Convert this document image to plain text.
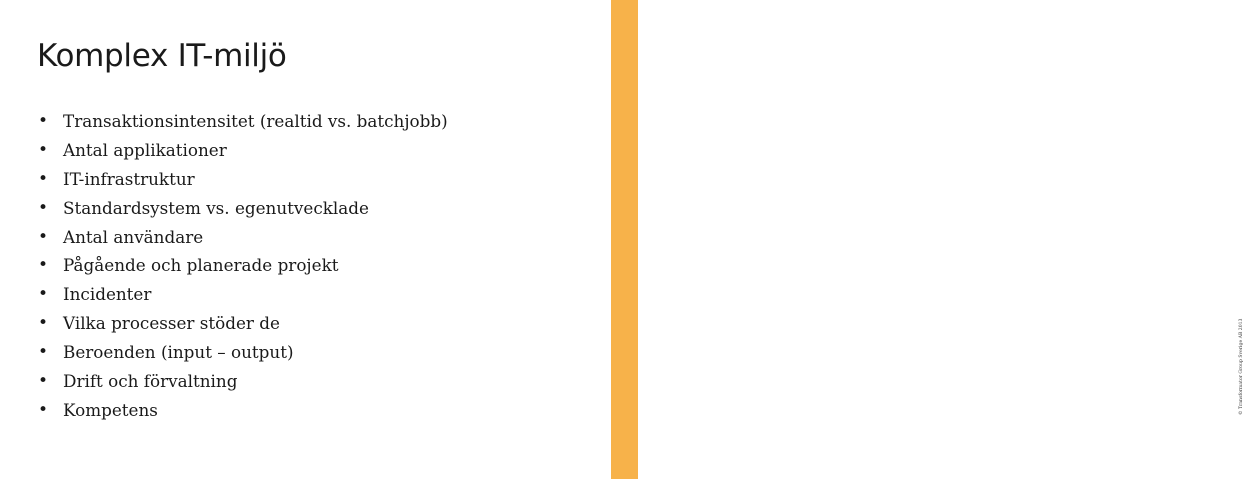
Komplex IT-miljö
• Transaktionsintensitet (realtid vs. batchjobb)
• Antal applikationer
• IT-infrastruktur
• Standardsystem vs. egenutvecklade
• Antal användare
• Pågående och planerade projekt
• Incidenter
• Vilka processer stöder de
• Beroenden (input – output)
• Drift och förvaltning
• Kompetens	© Transformator Group Sverige AB 2013
